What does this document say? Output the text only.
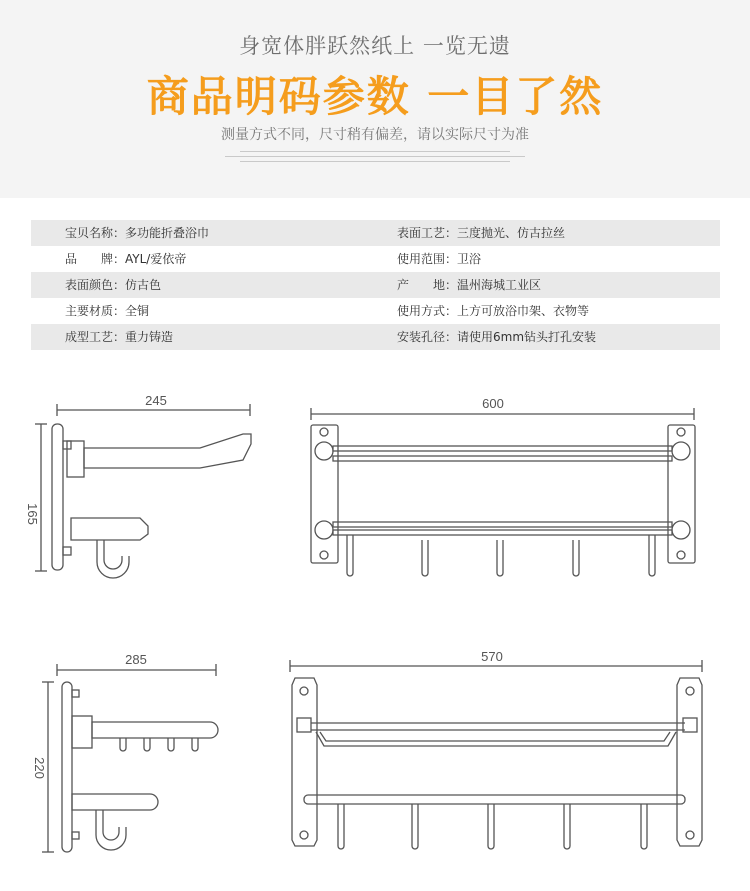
身宽体胖跃然纸上 一览无遗
商品明码参数 一目了然
测量方式不同，尺寸稍有偏差，请以实际尺寸为准
宝贝名称：多功能折叠浴巾	表面工艺：三度抛光、仿古拉丝
品　　牌：AYL/爱依帝	使用范围：卫浴
表面颜色：仿古色	产　　地：温州海城工业区
主要材质：全铜	使用方式：上方可放浴巾架、衣物等
成型工艺：重力铸造	安装孔径：请使用6mm钻头打孔安装
245
165
600
285
220
570
